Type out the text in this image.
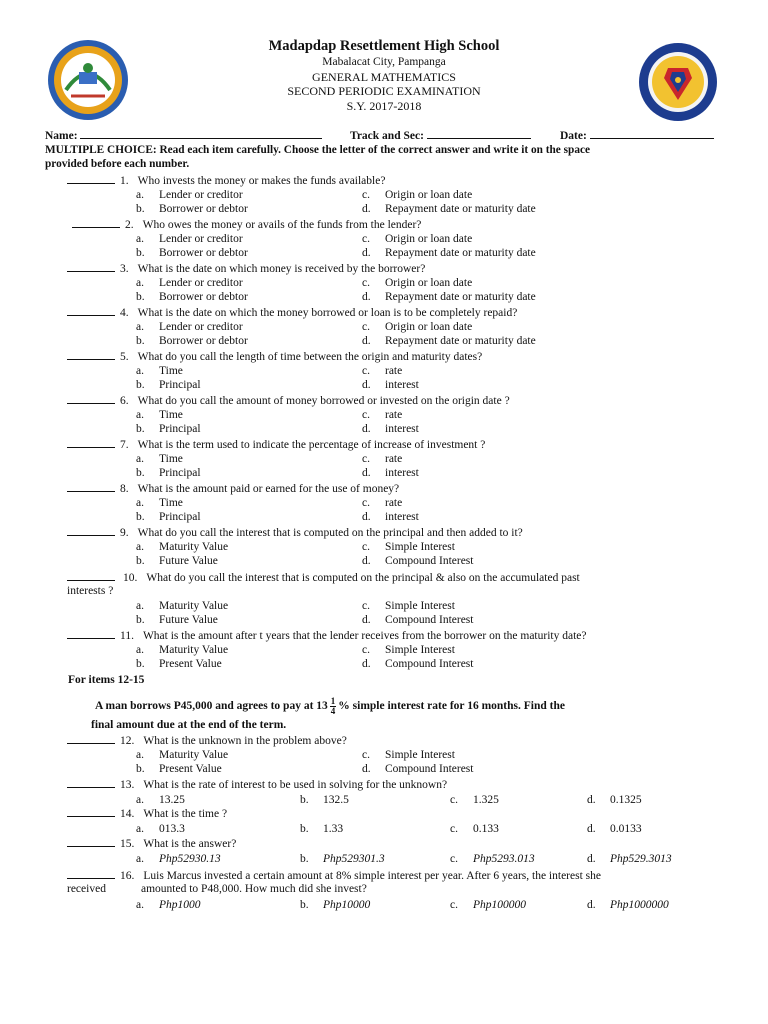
Madapdap Resettlement High School
Mabalacat City, Pampanga
GENERAL MATHEMATICS
SECOND PERIODIC EXAMINATION
S.Y. 2017-2018
Name:	Track and Sec:	Date:
MULTIPLE CHOICE: Read each item carefully. Choose the letter of the correct answer and write it on the space
provided before each number.
1. Who invests the money or makes the funds available?
a. Lender or creditor	c. Origin or loan date
b. Borrower or debtor	d. Repayment date or maturity date
2. Who owes the money or avails of the funds from the lender?
a. Lender or creditor	c. Origin or loan date
b. Borrower or debtor	d. Repayment date or maturity date
3. What is the date on which money is received by the borrower?
a. Lender or creditor	c. Origin or loan date
b. Borrower or debtor	d. Repayment date or maturity date
4. What is the date on which the money borrowed or loan is to be completely repaid?
a. Lender or creditor	c. Origin or loan date
b. Borrower or debtor	d. Repayment date or maturity date
5. What do you call the length of time between the origin and maturity dates?
a. Time	c. rate
b. Principal	d. interest
6. What do you call the amount of money borrowed or invested on the origin date ?
a. Time	c. rate
b. Principal	d. interest
7. What is the term used to indicate the percentage of increase of investment ?
a. Time	c. rate
b. Principal	d. interest
8. What is the amount paid or earned for the use of money?
a. Time	c. rate
b. Principal	d. interest
9. What do you call the interest that is computed on the principal and then added to it?
a. Maturity Value	c. Simple Interest
b. Future Value	d. Compound Interest
10. What do you call the interest that is computed on the principal & also on the accumulated past
interests ?
a. Maturity Value	c. Simple Interest
b. Future Value	d. Compound Interest
11. What is the amount after t years that the lender receives from the borrower on the maturity date?
a. Maturity Value	c. Simple Interest
b. Present Value	d. Compound Interest
For items 12-15
A man borrows P45,000 and agrees to pay at $13 \frac{1}{4}$ % simple interest rate for 16 months. Find the
final amount due at the end of the term.
12. What is the unknown in the problem above?
a. Maturity Value	c. Simple Interest
b. Present Value	d. Compound Interest
13. What is the rate of interest to be used in solving for the unknown?
a. 13.25	b. 132.5	c. 1.325	d. 0.1325
14. What is the time ?
a. 013.3	b. 1.33	c. 0.133	d. 0.0133
15. What is the answer?
a. Php52930.13	b. Php529301.3	c. Php5293.013	d. Php529.3013
16. Luis Marcus invested a certain amount at 8% simple interest per year. After 6 years, the interest she
received	amounted to P48,000. How much did she invest?
a. Php1000	b. Php10000	c. Php100000	d. Php1000000
